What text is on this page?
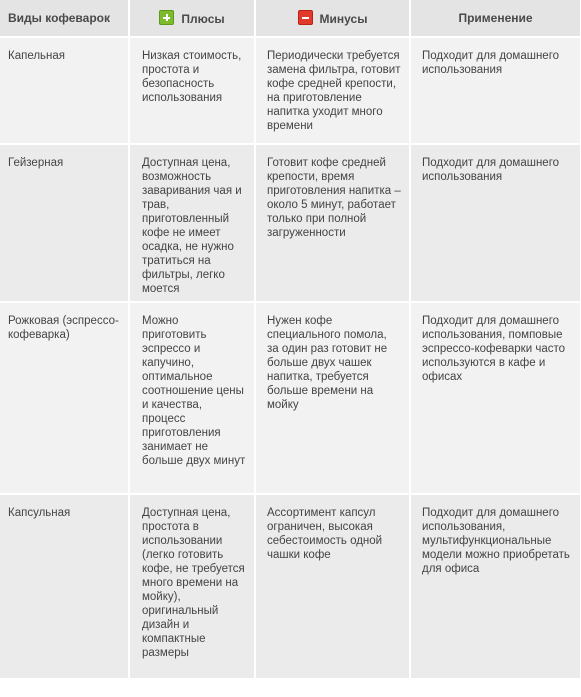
Виды кофеварок	Плюсы	Минусы	Применение
Капельная	Низкая стоимость, простота и безопасность использования	Периодически требуется замена фильтра, готовит кофе средней крепости, на приготовление напитка уходит много времени	Подходит для домашнего использования
Гейзерная	Доступная цена, возможность заваривания чая и трав, приготовленный кофе не имеет осадка, не нужно тратиться на фильтры, легко моется	Готовит кофе средней крепости, время приготовления напитка – около 5 минут, работает только при полной загруженности	Подходит для домашнего использования
Рожковая (эспрессо-кофеварка)	Можно приготовить эспрессо и капучино, оптимальное соотношение цены и качества, процесс приготовления занимает не больше двух минут	Нужен кофе специального помола, за один раз готовит не больше двух чашек напитка, требуется больше времени на мойку	Подходит для домашнего использования, помповые эспрессо-кофеварки часто используются в кафе и офисах
Капсульная	Доступная цена, простота в использовании (легко готовить кофе, не требуется много времени на мойку), оригинальный дизайн и компактные размеры	Ассортимент капсул ограничен, высокая себестоимость одной чашки кофе	Подходит для домашнего использования, мультифункциональные модели можно приобретать для офиса
